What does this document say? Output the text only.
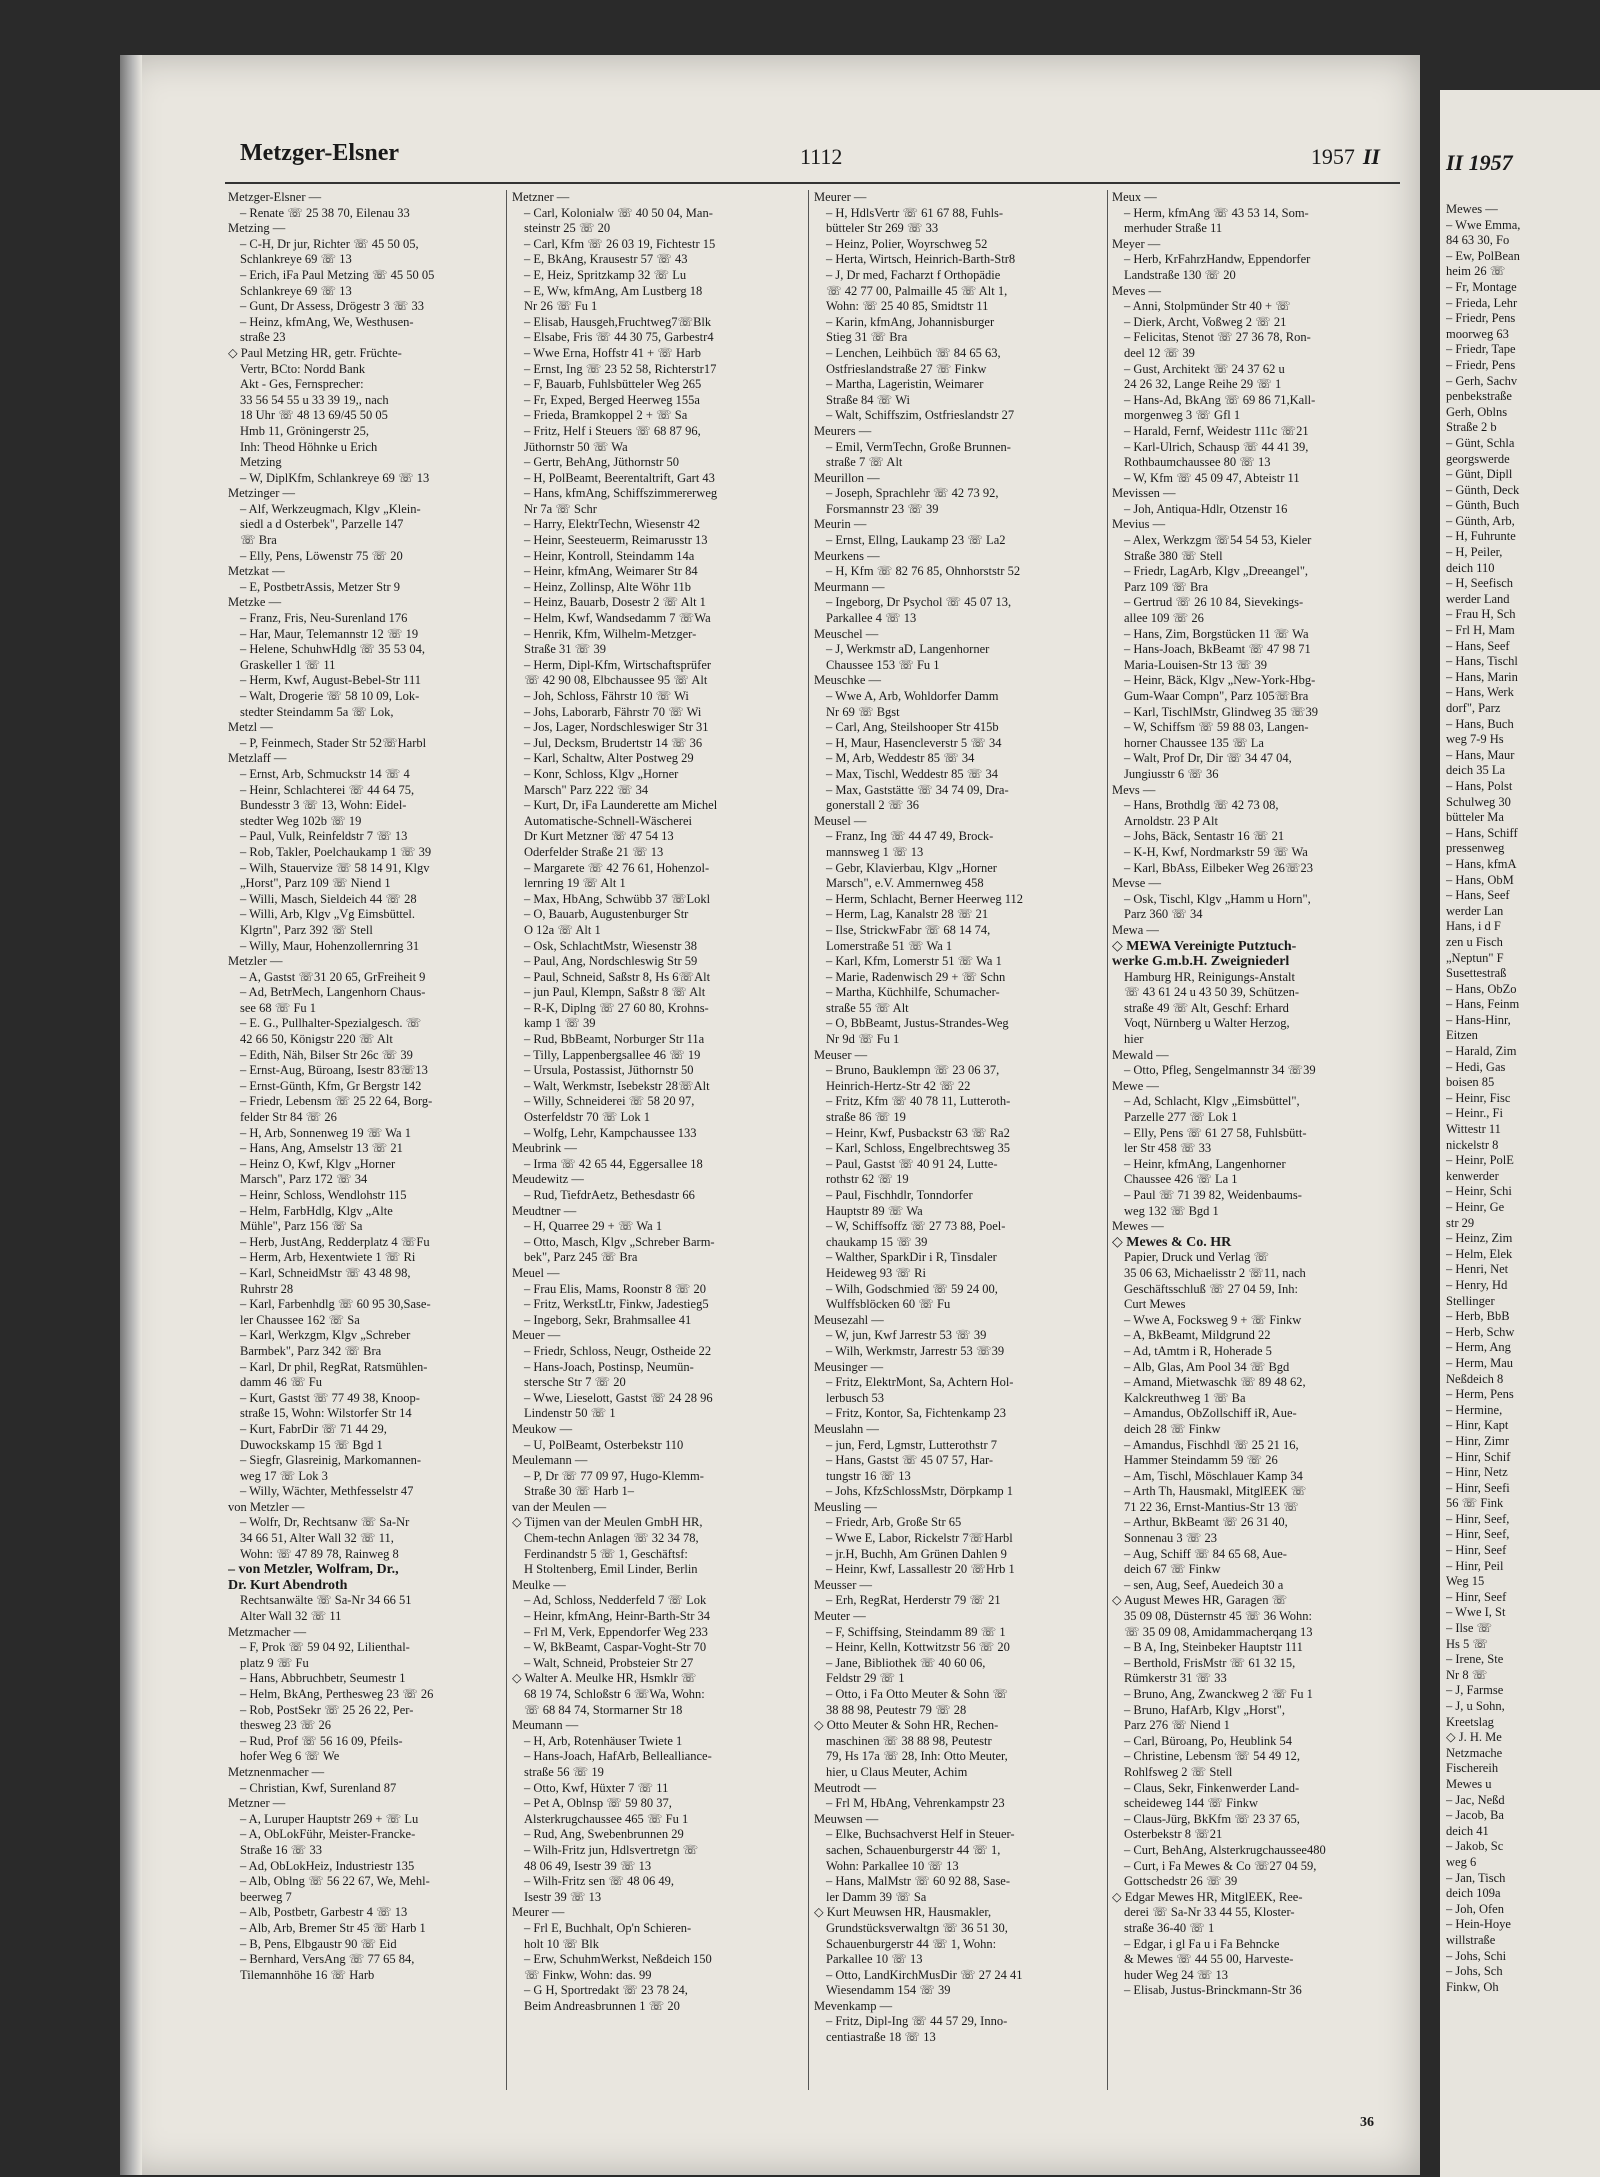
II 1957
Mewes —
– Wwe Emma,
84 63 30, Fo
– Ew, PolBean
heim 26 ☏
– Fr, Montage
– Frieda, Lehr
– Friedr, Pens
moorweg 63
– Friedr, Tape
– Friedr, Pens
– Gerh, Sachv
penbekstraße
Gerh, Oblns
Straße 2 b
– Günt, Schla
georgswerde
– Günt, Dipll
– Günth, Deck
– Günth, Buch
– Günth, Arb,
– H, Fuhrunte
– H, Peiler,
deich 110
– H, Seefisch
werder Land
– Frau H, Sch
– Frl H, Mam
– Hans, Seef
– Hans, Tischl
– Hans, Marin
– Hans, Werk
dorf", Parz
– Hans, Buch
weg 7-9 Hs
– Hans, Maur
deich 35 La
– Hans, Polst
Schulweg 30
bütteler Ma
– Hans, Schiff
pressenweg
– Hans, kfmA
– Hans, ObM
– Hans, Seef
werder Lan
Hans, i d F
zen u Fisch
„Neptun" F
Susettestraß
– Hans, ObZo
– Hans, Feinm
– Hans-Hinr,
Eitzen
– Harald, Zim
– Hedi, Gas
boisen 85
– Heinr, Fisc
– Heinr., Fi
Wittestr 11
nickelstr 8
– Heinr, PolE
kenwerder
– Heinr, Schi
– Heinr, Ge
str 29
– Heinz, Zim
– Helm, Elek
– Henri, Net
– Henry, Hd
Stellinger
– Herb, BbB
– Herb, Schw
– Herm, Ang
– Herm, Mau
Neßdeich 8
– Herm, Pens
– Hermine,
– Hinr, Kapt
– Hinr, Zimr
– Hinr, Schif
– Hinr, Netz
– Hinr, Seefi
56 ☏ Fink
– Hinr, Seef,
– Hinr, Seef,
– Hinr, Seef
– Hinr, Peil
Weg 15
– Hinr, Seef
– Wwe I, St
– Ilse ☏
Hs 5 ☏
– Irene, Ste
Nr 8 ☏
– J, Farmse
– J, u Sohn,
Kreetslag
◇ J. H. Me
Netzmache
Fischereih
Mewes u
– Jac, Neßd
– Jacob, Ba
deich 41
– Jakob, Sc
weg 6
– Jan, Tisch
deich 109a
– Joh, Ofen
– Hein-Hoye
willstraße
– Johs, Schi
– Johs, Sch
Finkw, Oh
Metzger-Elsner	1112	1957 II
Metzger-Elsner —
– Renate ☏ 25 38 70, Eilenau 33
Metzing —
– C-H, Dr jur, Richter ☏ 45 50 05,
Schlankreye 69 ☏ 13
– Erich, iFa Paul Metzing ☏ 45 50 05
Schlankreye 69 ☏ 13
– Gunt, Dr Assess, Drögestr 3 ☏ 33
– Heinz, kfmAng, We, Westhusen-
straße 23
◇ Paul Metzing HR, getr. Früchte-
Vertr, BCto: Nordd Bank
Akt - Ges, Fernsprecher:
33 56 54 55 u 33 39 19,, nach
18 Uhr ☏ 48 13 69/45 50 05
Hmb 11, Gröningerstr 25,
Inh: Theod Höhnke u Erich
Metzing
– W, DiplKfm, Schlankreye 69 ☏ 13
Metzinger —
– Alf, Werkzeugmach, Klgv „Klein-
siedl a d Osterbek", Parzelle 147
☏ Bra
– Elly, Pens, Löwenstr 75 ☏ 20
Metzkat —
– E, PostbetrAssis, Metzer Str 9
Metzke —
– Franz, Fris, Neu-Surenland 176
– Har, Maur, Telemannstr 12 ☏ 19
– Helene, SchuhwHdlg ☏ 35 53 04,
Graskeller 1 ☏ 11
– Herm, Kwf, August-Bebel-Str 111
– Walt, Drogerie ☏ 58 10 09, Lok-
stedter Steindamm 5a ☏ Lok,
Metzl —
– P, Feinmech, Stader Str 52☏Harbl
Metzlaff —
– Ernst, Arb, Schmuckstr 14 ☏ 4
– Heinr, Schlachterei ☏ 44 64 75,
Bundesstr 3 ☏ 13, Wohn: Eidel-
stedter Weg 102b ☏ 19
– Paul, Vulk, Reinfeldstr 7 ☏ 13
– Rob, Takler, Poelchaukamp 1 ☏ 39
– Wilh, Stauervize ☏ 58 14 91, Klgv
„Horst", Parz 109 ☏ Niend 1
– Willi, Masch, Sieldeich 44 ☏ 28
– Willi, Arb, Klgv „Vg Eimsbüttel.
Klgrtn", Parz 392 ☏ Stell
– Willy, Maur, Hohenzollernring 31
Metzler —
– A, Gastst ☏31 20 65, GrFreiheit 9
– Ad, BetrMech, Langenhorn Chaus-
see 68 ☏ Fu 1
– E. G., Pullhalter-Spezialgesch. ☏
42 66 50, Königstr 220 ☏ Alt
– Edith, Näh, Bilser Str 26c ☏ 39
– Ernst-Aug, Büroang, Isestr 83☏13
– Ernst-Günth, Kfm, Gr Bergstr 142
– Friedr, Lebensm ☏ 25 22 64, Borg-
felder Str 84 ☏ 26
– H, Arb, Sonnenweg 19 ☏ Wa 1
– Hans, Ang, Amselstr 13 ☏ 21
– Heinz O, Kwf, Klgv „Horner
Marsch", Parz 172 ☏ 34
– Heinr, Schloss, Wendlohstr 115
– Helm, FarbHdlg, Klgv „Alte
Mühle", Parz 156 ☏ Sa
– Herb, JustAng, Redderplatz 4 ☏Fu
– Herm, Arb, Hexentwiete 1 ☏ Ri
– Karl, SchneidMstr ☏ 43 48 98,
Ruhrstr 28
– Karl, Farbenhdlg ☏ 60 95 30,Sase-
ler Chaussee 162 ☏ Sa
– Karl, Werkzgm, Klgv „Schreber
Barmbek", Parz 342 ☏ Bra
– Karl, Dr phil, RegRat, Ratsmühlen-
damm 46 ☏ Fu
– Kurt, Gastst ☏ 77 49 38, Knoop-
straße 15, Wohn: Wilstorfer Str 14
– Kurt, FabrDir ☏ 71 44 29,
Duwockskamp 15 ☏ Bgd 1
– Siegfr, Glasreinig, Markomannen-
weg 17 ☏ Lok 3
– Willy, Wächter, Methfesselstr 47
von Metzler —
– Wolfr, Dr, Rechtsanw ☏ Sa-Nr
34 66 51, Alter Wall 32 ☏ 11,
Wohn: ☏ 47 89 78, Rainweg 8
– von Metzler, Wolfram, Dr.,
Dr. Kurt Abendroth
Rechtsanwälte ☏ Sa-Nr 34 66 51
Alter Wall 32 ☏ 11
Metzmacher —
– F, Prok ☏ 59 04 92, Lilienthal-
platz 9 ☏ Fu
– Hans, Abbruchbetr, Seumestr 1
– Helm, BkAng, Perthesweg 23 ☏ 26
– Rob, PostSekr ☏ 25 26 22, Per-
thesweg 23 ☏ 26
– Rud, Prof ☏ 56 16 09, Pfeils-
hofer Weg 6 ☏ We
Metznenmacher —
– Christian, Kwf, Surenland 87
Metzner —
– A, Luruper Hauptstr 269 + ☏ Lu
– A, ObLokFühr, Meister-Francke-
Straße 16 ☏ 33
– Ad, ObLokHeiz, Industriestr 135
– Alb, Oblng ☏ 56 22 67, We, Mehl-
beerweg 7
– Alb, Postbetr, Garbestr 4 ☏ 13
– Alb, Arb, Bremer Str 45 ☏ Harb 1
– B, Pens, Elbgaustr 90 ☏ Eid
– Bernhard, VersAng ☏ 77 65 84,
Tilemannhöhe 16 ☏ Harb
Metzner —
– Carl, Kolonialw ☏ 40 50 04, Man-
steinstr 25 ☏ 20
– Carl, Kfm ☏ 26 03 19, Fichtestr 15
– E, BkAng, Krausestr 57 ☏ 43
– E, Heiz, Spritzkamp 32 ☏ Lu
– E, Ww, kfmAng, Am Lustberg 18
Nr 26 ☏ Fu 1
– Elisab, Hausgeh,Fruchtweg7☏Blk
– Elsabe, Fris ☏ 44 30 75, Garbestr4
– Wwe Erna, Hoffstr 41 + ☏ Harb
– Ernst, Ing ☏ 23 52 58, Richterstr17
– F, Bauarb, Fuhlsbütteler Weg 265
– Fr, Exped, Berged Heerweg 155a
– Frieda, Bramkoppel 2 + ☏ Sa
– Fritz, Helf i Steuers ☏ 68 87 96,
Jüthornstr 50 ☏ Wa
– Gertr, BehAng, Jüthornstr 50
– H, PolBeamt, Beerentaltrift, Gart 43
– Hans, kfmAng, Schiffszimmererweg
Nr 7a ☏ Schr
– Harry, ElektrTechn, Wiesenstr 42
– Heinr, Seesteuerm, Reimarusstr 13
– Heinr, Kontroll, Steindamm 14a
– Heinr, kfmAng, Weimarer Str 84
– Heinz, Zollinsp, Alte Wöhr 11b
– Heinz, Bauarb, Dosestr 2 ☏ Alt 1
– Helm, Kwf, Wandsedamm 7 ☏Wa
– Henrik, Kfm, Wilhelm-Metzger-
Straße 31 ☏ 39
– Herm, Dipl-Kfm, Wirtschaftsprüfer
☏ 42 90 08, Elbchaussee 95 ☏ Alt
– Joh, Schloss, Fährstr 10 ☏ Wi
– Johs, Laborarb, Fährstr 70 ☏ Wi
– Jos, Lager, Nordschleswiger Str 31
– Jul, Decksm, Brudertstr 14 ☏ 36
– Karl, Schaltw, Alter Postweg 29
– Konr, Schloss, Klgv „Horner
Marsch" Parz 222 ☏ 34
– Kurt, Dr, iFa Launderette am Michel
Automatische-Schnell-Wäscherei
Dr Kurt Metzner ☏ 47 54 13
Oderfelder Straße 21 ☏ 13
– Margarete ☏ 42 76 61, Hohenzol-
lernring 19 ☏ Alt 1
– Max, HbAng, Schwübb 37 ☏Lokl
– O, Bauarb, Augustenburger Str
O 12a ☏ Alt 1
– Osk, SchlachtMstr, Wiesenstr 38
– Paul, Ang, Nordschleswig Str 59
– Paul, Schneid, Saßstr 8, Hs 6☏Alt
– jun Paul, Klempn, Saßstr 8 ☏ Alt
– R-K, Diplng ☏ 27 60 80, Krohns-
kamp 1 ☏ 39
– Rud, BbBeamt, Norburger Str 11a
– Tilly, Lappenbergsallee 46 ☏ 19
– Ursula, Postassist, Jüthornstr 50
– Walt, Werkmstr, Isebekstr 28☏Alt
– Willy, Schneiderei ☏ 58 20 97,
Osterfeldstr 70 ☏ Lok 1
– Wolfg, Lehr, Kampchaussee 133
Meubrink —
– Irma ☏ 42 65 44, Eggersallee 18
Meudewitz —
– Rud, TiefdrAetz, Bethesdastr 66
Meudtner —
– H, Quarree 29 + ☏ Wa 1
– Otto, Masch, Klgv „Schreber Barm-
bek", Parz 245 ☏ Bra
Meuel —
– Frau Elis, Mams, Roonstr 8 ☏ 20
– Fritz, WerkstLtr, Finkw, Jadestieg5
– Ingeborg, Sekr, Brahmsallee 41
Meuer —
– Friedr, Schloss, Neugr, Ostheide 22
– Hans-Joach, Postinsp, Neumün-
stersche Str 7 ☏ 20
– Wwe, Lieselott, Gastst ☏ 24 28 96
Lindenstr 50 ☏ 1
Meukow —
– U, PolBeamt, Osterbekstr 110
Meulemann —
– P, Dr ☏ 77 09 97, Hugo-Klemm-
Straße 30 ☏ Harb 1–
van der Meulen —
◇ Tijmen van der Meulen GmbH HR,
Chem-techn Anlagen ☏ 32 34 78,
Ferdinandstr 5 ☏ 1, Geschäftsf:
H Stoltenberg, Emil Linder, Berlin
Meulke —
– Ad, Schloss, Nedderfeld 7 ☏ Lok
– Heinr, kfmAng, Heinr-Barth-Str 34
– Frl M, Verk, Eppendorfer Weg 233
– W, BkBeamt, Caspar-Voght-Str 70
– Walt, Schneid, Probsteier Str 27
◇ Walter A. Meulke HR, Hsmklr ☏
68 19 74, Schloßstr 6 ☏Wa, Wohn:
☏ 68 84 74, Stormarner Str 18
Meumann —
– H, Arb, Rotenhäuser Twiete 1
– Hans-Joach, HafArb, Belleallianсe-
straße 56 ☏ 19
– Otto, Kwf, Hüxter 7 ☏ 11
– Pet A, Oblnsp ☏ 59 80 37,
Alsterkrugchaussee 465 ☏ Fu 1
– Rud, Ang, Swebenbrunnen 29
– Wilh-Fritz jun, Hdlsvertretgn ☏
48 06 49, Isestr 39 ☏ 13
– Wilh-Fritz sen ☏ 48 06 49,
Isestr 39 ☏ 13
Meurer —
– Frl E, Buchhalt, Op'n Schieren-
holt 10 ☏ Blk
– Erw, SchuhmWerkst, Neßdeich 150
☏ Finkw, Wohn: das. 99
– G H, Sportredakt ☏ 23 78 24,
Beim Andreasbrunnen 1 ☏ 20
Meurer —
– H, HdlsVertr ☏ 61 67 88, Fuhls-
bütteler Str 269 ☏ 33
– Heinz, Polier, Woyrschweg 52
– Herta, Wirtsch, Heinrich-Barth-Str8
– J, Dr med, Facharzt f Orthopädie
☏ 42 77 00, Palmaille 45 ☏ Alt 1,
Wohn: ☏ 25 40 85, Smidtstr 11
– Karin, kfmAng, Johannisburger
Stieg 31 ☏ Bra
– Lenchen, Leihbüch ☏ 84 65 63,
Ostfrieslandstraße 27 ☏ Finkw
– Martha, Lageristin, Weimarer
Straße 84 ☏ Wi
– Walt, Schiffszim, Ostfrieslandstr 27
Meurers —
– Emil, VermTechn, Große Brunnen-
straße 7 ☏ Alt
Meurillon —
– Joseph, Sprachlehr ☏ 42 73 92,
Forsmannstr 23 ☏ 39
Meurin —
– Ernst, Ellng, Laukamp 23 ☏ La2
Meurkens —
– H, Kfm ☏ 82 76 85, Ohnhorststr 52
Meurmann —
– Ingeborg, Dr Psychol ☏ 45 07 13,
Parkallee 4 ☏ 13
Meuschel —
– J, Werkmstr aD, Langenhorner
Chaussee 153 ☏ Fu 1
Meuschke —
– Wwe A, Arb, Wohldorfer Damm
Nr 69 ☏ Bgst
– Carl, Ang, Steilshooper Str 415b
– H, Maur, Hasencleverstr 5 ☏ 34
– M, Arb, Weddestr 85 ☏ 34
– Max, Tischl, Weddestr 85 ☏ 34
– Max, Gaststätte ☏ 34 74 09, Dra-
gonerstall 2 ☏ 36
Meusel —
– Franz, Ing ☏ 44 47 49, Brock-
mannsweg 1 ☏ 13
– Gebr, Klavierbau, Klgv „Horner
Marsch", e.V. Ammernweg 458
– Herm, Schlacht, Berner Heerweg 112
– Herm, Lag, Kanalstr 28 ☏ 21
– Ilse, StrickwFabr ☏ 68 14 74,
Lomerstraße 51 ☏ Wa 1
– Karl, Kfm, Lomerstr 51 ☏ Wa 1
– Marie, Radenwisch 29 + ☏ Schn
– Martha, Küchhilfe, Schumacher-
straße 55 ☏ Alt
– O, BbBeamt, Justus-Strandes-Weg
Nr 9d ☏ Fu 1
Meuser —
– Bruno, Bauklempn ☏ 23 06 37,
Heinrich-Hertz-Str 42 ☏ 22
– Fritz, Kfm ☏ 40 78 11, Lutteroth-
straße 86 ☏ 19
– Heinr, Kwf, Pusbackstr 63 ☏ Ra2
– Karl, Schloss, Engelbrechtsweg 35
– Paul, Gastst ☏ 40 91 24, Lutte-
rothstr 62 ☏ 19
– Paul, Fischhdlr, Tonndorfer
Hauptstr 89 ☏ Wa
– W, Schiffsoffz ☏ 27 73 88, Poel-
chaukamp 15 ☏ 39
– Walther, SparkDir i R, Tinsdaler
Heideweg 93 ☏ Ri
– Wilh, Godschmied ☏ 59 24 00,
Wulffsblöcken 60 ☏ Fu
Meusezahl —
– W, jun, Kwf Jarrestr 53 ☏ 39
– Wilh, Werkmstr, Jarrestr 53 ☏39
Meusinger —
– Fritz, ElektrMont, Sa, Achtern Hol-
lerbusch 53
– Fritz, Kontor, Sa, Fichtenkamp 23
Meuslahn —
– jun, Ferd, Lgmstr, Lutterothstr 7
– Hans, Gastst ☏ 45 07 57, Har-
tungstr 16 ☏ 13
– Johs, KfzSchlossMstr, Dörpkamp 1
Meusling —
– Friedr, Arb, Große Str 65
– Wwe E, Labor, Rickelstr 7☏Harbl
– jr.H, Buchh, Am Grünen Dahlen 9
– Heinr, Kwf, Lassallestr 20 ☏Hrb 1
Meusser —
– Erh, RegRat, Herderstr 79 ☏ 21
Meuter —
– F, Schiffsing, Steindamm 89 ☏ 1
– Heinr, Kelln, Kottwitzstr 56 ☏ 20
– Jane, Bibliothek ☏ 40 60 06,
Feldstr 29 ☏ 1
– Otto, i Fa Otto Meuter & Sohn ☏
38 88 98, Peutestr 79 ☏ 28
◇ Otto Meuter & Sohn HR, Rechen-
maschinen ☏ 38 88 98, Peutestr
79, Hs 17a ☏ 28, Inh: Otto Meuter,
hier, u Claus Meuter, Achim
Meutrodt —
– Frl M, HbAng, Vehrenkampstr 23
Meuwsen —
– Elke, Buchsachverst Helf in Steuer-
sachen, Schauenburgerstr 44 ☏ 1,
Wohn: Parkallee 10 ☏ 13
– Hans, MalMstr ☏ 60 92 88, Sase-
ler Damm 39 ☏ Sa
◇ Kurt Meuwsen HR, Hausmakler,
Grundstücksverwaltgn ☏ 36 51 30,
Schauenburgerstr 44 ☏ 1, Wohn:
Parkallee 10 ☏ 13
– Otto, LandKirchMusDir ☏ 27 24 41
Wiesendamm 154 ☏ 39
Mevenkamp —
– Fritz, Dipl-Ing ☏ 44 57 29, Inno-
centiastraße 18 ☏ 13
Meux —
– Herm, kfmAng ☏ 43 53 14, Som-
merhuder Straße 11
Meyer —
– Herb, KrFahrzHandw, Eppendorfer
Landstraße 130 ☏ 20
Meves —
– Anni, Stolpmünder Str 40 + ☏
– Dierk, Archt, Voßweg 2 ☏ 21
– Felicitas, Stenot ☏ 27 36 78, Ron-
deel 12 ☏ 39
– Gust, Architekt ☏ 24 37 62 u
24 26 32, Lange Reihe 29 ☏ 1
– Hans-Ad, BkAng ☏ 69 86 71,Kall-
morgenweg 3 ☏ Gfl 1
– Harald, Fernf, Weidestr 111c ☏21
– Karl-Ulrich, Schausp ☏ 44 41 39,
Rothbaumchaussee 80 ☏ 13
– W, Kfm ☏ 45 09 47, Abteistr 11
Mevissen —
– Joh, Antiqua-Hdlr, Otzenstr 16
Mevius —
– Alex, Werkzgm ☏54 54 53, Kieler
Straße 380 ☏ Stell
– Friedr, LagArb, Klgv „Dreeangel",
Parz 109 ☏ Bra
– Gertrud ☏ 26 10 84, Sievekings-
allee 109 ☏ 26
– Hans, Zim, Borgstücken 11 ☏ Wa
– Hans-Joach, BkBeamt ☏ 47 98 71
Maria-Louisen-Str 13 ☏ 39
– Heinr, Bäck, Klgv „New-York-Hbg-
Gum-Waar Compn", Parz 105☏Bra
– Karl, TischlMstr, Glindweg 35 ☏39
– W, Schiffsm ☏ 59 88 03, Langen-
horner Chaussee 135 ☏ La
– Walt, Prof Dr, Dir ☏ 34 47 04,
Jungiusstr 6 ☏ 36
Mevs —
– Hans, Brothdlg ☏ 42 73 08,
Arnoldstr. 23 P Alt
– Johs, Bäck, Sentastr 16 ☏ 21
– K-H, Kwf, Nordmarkstr 59 ☏ Wa
– Karl, BbAss, Eilbeker Weg 26☏23
Mevse —
– Osk, Tischl, Klgv „Hamm u Horn",
Parz 360 ☏ 34
Mewa —
◇ MEWA Vereinigte Putztuch-
werke G.m.b.H. Zweigniederl
Hamburg HR, Reinigungs-Anstalt
☏ 43 61 24 u 43 50 39, Schützen-
straße 49 ☏ Alt, Geschf: Erhard
Voqt, Nürnberg u Walter Herzog,
hier
Mewald —
– Otto, Pfleg, Sengelmannstr 34 ☏39
Mewe —
– Ad, Schlacht, Klgv „Eimsbüttel",
Parzelle 277 ☏ Lok 1
– Elly, Pens ☏ 61 27 58, Fuhlsbütt-
ler Str 458 ☏ 33
– Heinr, kfmAng, Langenhorner
Chaussee 426 ☏ La 1
– Paul ☏ 71 39 82, Weidenbaums-
weg 132 ☏ Bgd 1
Mewes —
◇ Mewes & Co. HR
Papier, Druck und Verlag ☏
35 06 63, Michaelisstr 2 ☏11, nach
Geschäftsschluß ☏ 27 04 59, Inh:
Curt Mewes
– Wwe A, Focksweg 9 + ☏ Finkw
– A, BkBeamt, Mildgrund 22
– Ad, tAmtm i R, Hoherade 5
– Alb, Glas, Am Pool 34 ☏ Bgd
– Amand, Mietwaschk ☏ 89 48 62,
Kalckreuthweg 1 ☏ Ba
– Amandus, ObZollschiff iR, Aue-
deich 28 ☏ Finkw
– Amandus, Fischhdl ☏ 25 21 16,
Hammer Steindamm 59 ☏ 26
– Am, Tischl, Möschlauer Kamp 34
– Arth Th, Hausmakl, MitglEEK ☏
71 22 36, Ernst-Mantius-Str 13 ☏
– Arthur, BkBeamt ☏ 26 31 40,
Sonnenau 3 ☏ 23
– Aug, Schiff ☏ 84 65 68, Aue-
deich 67 ☏ Finkw
– sen, Aug, Seef, Auedeich 30 a
◇ August Mewes HR, Garagen ☏
35 09 08, Düsternstr 45 ☏ 36 Wohn:
☏ 35 09 08, Amidammacherqang 13
– B A, Ing, Steinbeker Hauptstr 111
– Berthold, FrisMstr ☏ 61 32 15,
Rümkerstr 31 ☏ 33
– Bruno, Ang, Zwanckweg 2 ☏ Fu 1
– Bruno, HafArb, Klgv „Horst",
Parz 276 ☏ Niend 1
– Carl, Büroang, Po, Heublink 54
– Christine, Lebensm ☏ 54 49 12,
Rohlfsweg 2 ☏ Stell
– Claus, Sekr, Finkenwerder Land-
scheideweg 144 ☏ Finkw
– Claus-Jürg, BkKfm ☏ 23 37 65,
Osterbekstr 8 ☏21
– Curt, BehAng, Alsterkrugchaussee480
– Curt, i Fa Mewes & Co ☏27 04 59,
Gottschedstr 26 ☏ 39
◇ Edgar Mewes HR, MitglEEK, Ree-
derei ☏ Sa-Nr 33 44 55, Kloster-
straße 36-40 ☏ 1
– Edgar, i gl Fa u i Fa Behncke
& Mewes ☏ 44 55 00, Harveste-
huder Weg 24 ☏ 13
– Elisab, Justus-Brinckmann-Str 36
36
